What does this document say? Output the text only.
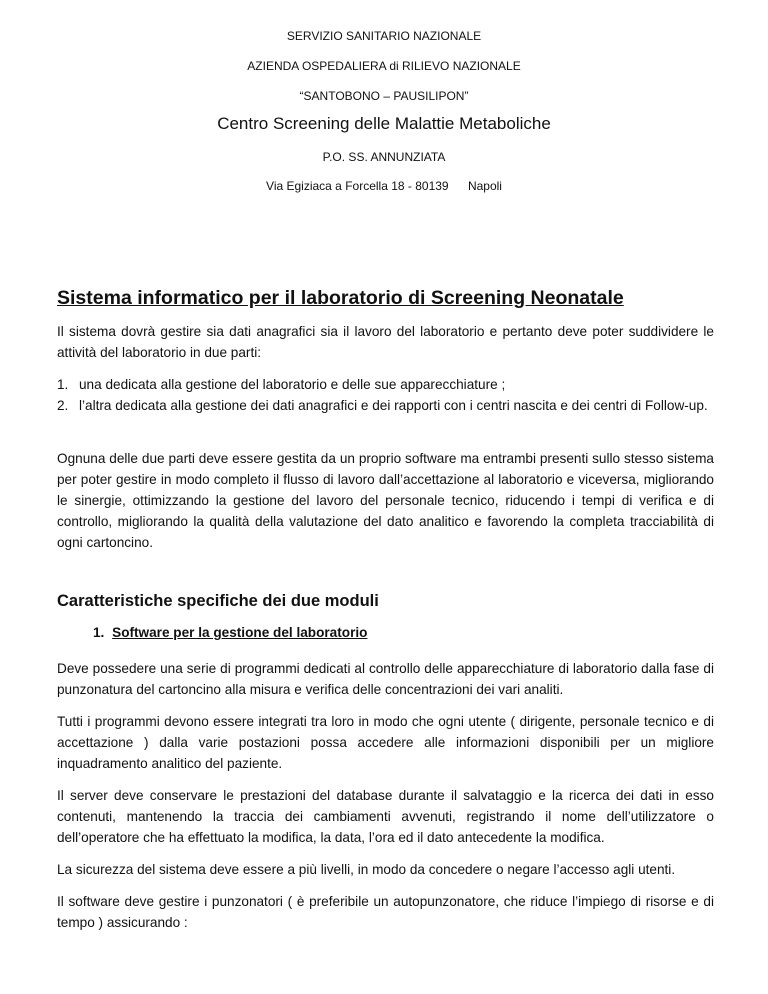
SERVIZIO SANITARIO NAZIONALE
AZIENDA OSPEDALIERA di RILIEVO NAZIONALE
“SANTOBONO – PAUSILIPON”
Centro Screening delle Malattie Metaboliche
P.O. SS. ANNUNZIATA
Via Egiziaca a Forcella 18 - 80139 Napoli
Sistema informatico per il laboratorio di Screening Neonatale
Il sistema dovrà gestire sia dati anagrafici sia il lavoro del laboratorio e pertanto deve poter suddividere le attività del laboratorio in due parti:
1. una dedicata alla gestione del laboratorio e delle sue apparecchiature ;
2. l’altra dedicata alla gestione dei dati anagrafici e dei rapporti con i centri nascita e dei centri di Follow-up.
Ognuna delle due parti deve essere gestita da un proprio software ma entrambi presenti sullo stesso sistema per poter gestire in modo completo il flusso di lavoro dall’accettazione al laboratorio e viceversa, migliorando le sinergie, ottimizzando la gestione del lavoro del personale tecnico, riducendo i tempi di verifica e di controllo, migliorando la qualità della valutazione del dato analitico e favorendo la completa tracciabilità di ogni cartoncino.
Caratteristiche specifiche dei due moduli
1. Software per la gestione del laboratorio
Deve possedere una serie di programmi dedicati al controllo delle apparecchiature di laboratorio dalla fase di punzonatura del cartoncino alla misura e verifica delle concentrazioni dei vari analiti.
Tutti i programmi devono essere integrati tra loro in modo che ogni utente ( dirigente, personale tecnico e di accettazione ) dalla varie postazioni possa accedere alle informazioni disponibili per un migliore inquadramento analitico del paziente.
Il server deve conservare le prestazioni del database durante il salvataggio e la ricerca dei dati in esso contenuti, mantenendo la traccia dei cambiamenti avvenuti, registrando il nome dell’utilizzatore o dell’operatore che ha effettuato la modifica, la data, l’ora ed il dato antecedente la modifica.
La sicurezza del sistema deve essere a più livelli, in modo da concedere o negare l’accesso agli utenti.
Il software deve gestire i punzonatori ( è preferibile un autopunzonatore, che riduce l’impiego di risorse e di tempo ) assicurando :
